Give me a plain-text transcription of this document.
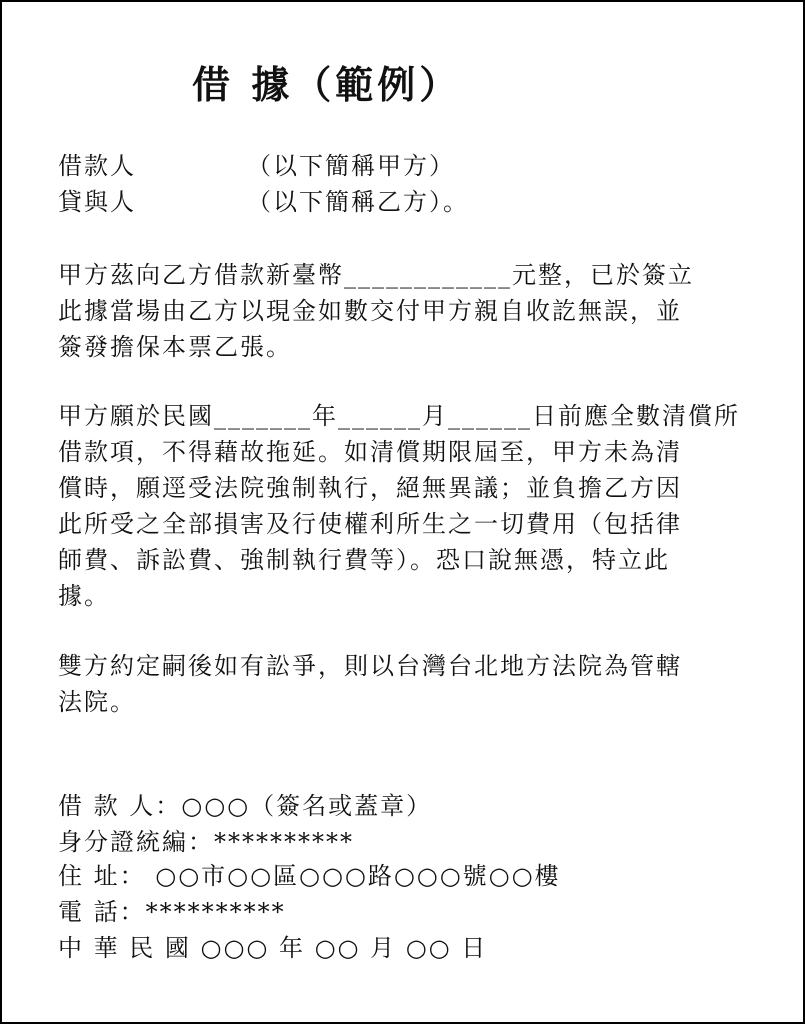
借 據（範例）
借款人	（以下簡稱甲方）
貸與人	（以下簡稱乙方）。
甲方茲向乙方借款新臺幣____________元整，已於簽立
此據當場由乙方以現金如數交付甲方親自收訖無誤，並
簽發擔保本票乙張。
甲方願於民國_______年______月______日前應全數清償所
借款項，不得藉故拖延。如清償期限屆至，甲方未為清
償時，願逕受法院強制執行，絕無異議；並負擔乙方因
此所受之全部損害及行使權利所生之一切費用（包括律
師費、訴訟費、強制執行費等）。恐口說無憑，特立此
據。
雙方約定嗣後如有訟爭，則以台灣台北地方法院為管轄
法院。
借 款 人：○○○（簽名或蓋章）
身分證統編：**********
住 址： ○○市○○區○○○路○○○號○○樓
電 話：**********
中 華 民 國 ○○○ 年 ○○ 月 ○○ 日
